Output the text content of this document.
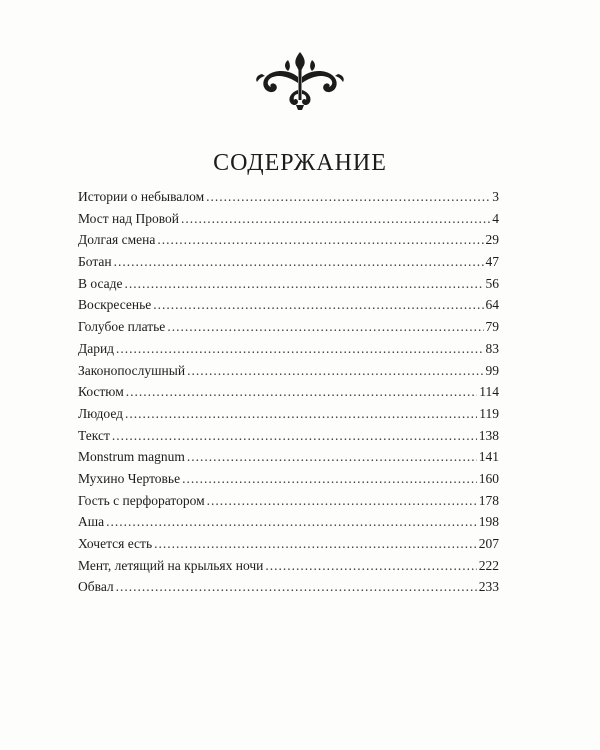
СОДЕРЖАНИЕ
Истории о небывалом .....	3
Мост над Провой .....	4
Долгая смена .....	29
Ботан .....	47
В осаде .....	56
Воскресенье .....	64
Голубое платье .....	79
Дарид .....	83
Законопослушный .....	99
Костюм .....	114
Людоед .....	119
Текст .....	138
Monstrum magnum .....	141
Мухино Чертовье .....	160
Гость с перфоратором .....	178
Аша .....	198
Хочется есть .....	207
Мент, летящий на крыльях ночи .....	222
Обвал .....	233
